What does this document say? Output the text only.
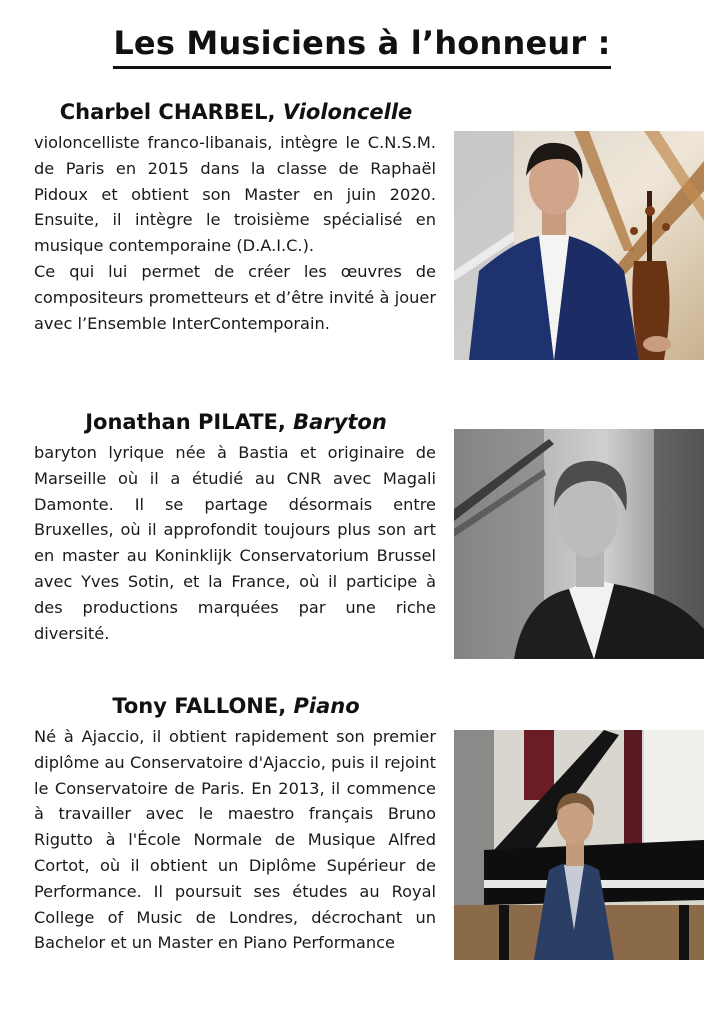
Les Musiciens à l’honneur :
Charbel CHARBEL, Violoncelle

violoncelliste franco-libanais, intègre le C.N.S.M. de Paris en 2015 dans la classe de Raphaël Pidoux et obtient son Master en juin 2020. Ensuite, il intègre le troisième spécialisé en musique contemporaine (D.A.I.C.).

Ce qui lui permet de créer les œuvres de compositeurs prometteurs et d’être invité à jouer avec l’Ensemble InterContemporain.

Jonathan PILATE, Baryton

baryton lyrique née à Bastia et originaire de Marseille où il a étudié au CNR avec Magali Damonte. Il se partage désormais entre Bruxelles, où il approfondit toujours plus son art en master au Koninklijk Conservatorium Brussel avec Yves Sotin, et la France, où il participe à des productions marquées par une riche diversité.

Tony FALLONE, Piano

Né à Ajaccio, il obtient rapidement son premier diplôme au Conservatoire d'Ajaccio, puis il rejoint le Conservatoire de Paris. En 2013, il commence à travailler avec le maestro français Bruno Rigutto à l'École Normale de Musique Alfred Cortot, où il obtient un Diplôme Supérieur de Performance. Il poursuit ses études au Royal College of Music de Londres, décrochant un Bachelor et un Master en Piano Performance
